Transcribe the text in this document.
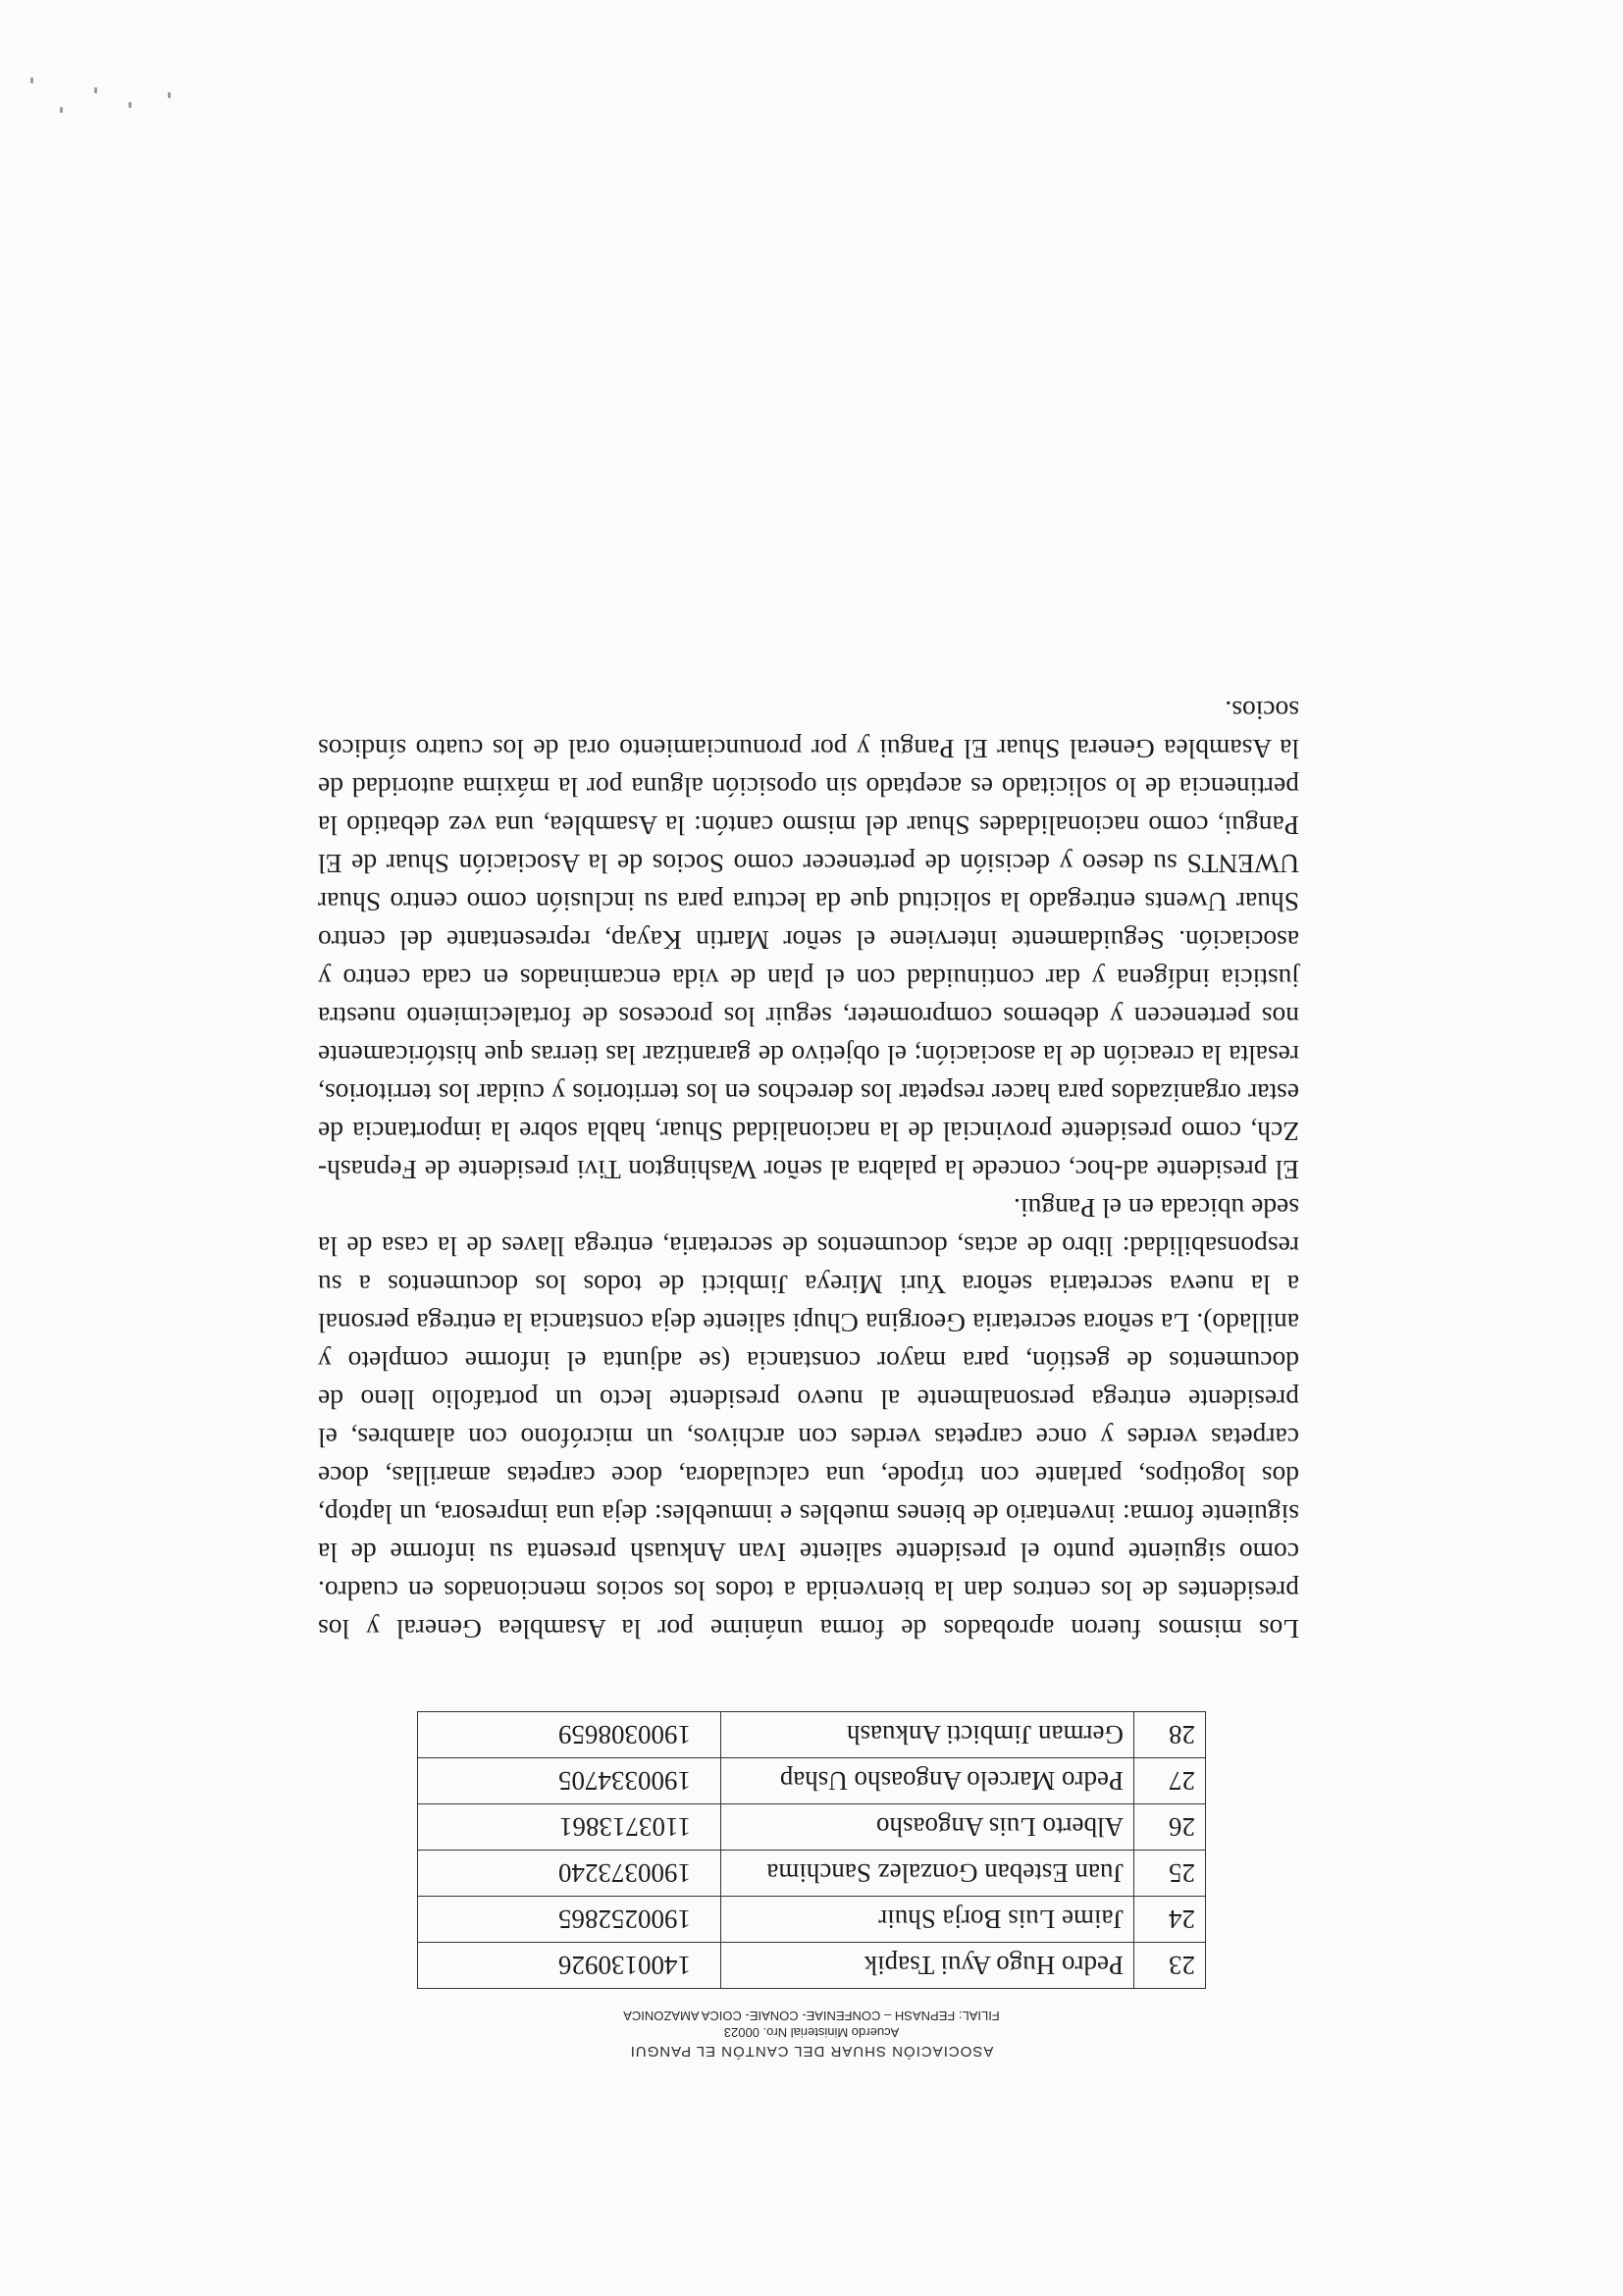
ASOCIACIÓN SHUAR DEL CANTÓN EL PANGUI
Acuerdo Ministerial Nro. 00023
FILIAL: FEPNASH – CONFENIAE- CONAIE- COICA AMAZONICA
23	Pedro Hugo Ayui Tsapik	1400130926
24	Jaime Luis Borja Shuir	1900252865
25	Juan Esteban Gonzalez Sanchima	1900373240
26	Alberto Luis Angoasho	1103713861
27	Pedro Marcelo Angoasho Ushap	1900334705
28	German Jimbicti Ankuash	1900308659

Los mismos fueron aprobados de forma unánime por la Asamblea General y los presidentes de los centros dan la bienvenida a todos los socios mencionados en cuadro. como siguiente punto el presidente saliente Ivan Ankuash presenta su informe de la siguiente forma: inventario de bienes muebles e inmuebles: deja una impresora, un laptop, dos logotipos, parlante con trípode, una calculadora, doce carpetas amarillas, doce carpetas verdes y once carpetas verdes con archivos, un micrófono con alambres, el presidente entrega personalmente al nuevo presidente lecto un portafolio lleno de documentos de gestión, para mayor constancia (se adjunta el informe completo y anillado). La señora secretaria Georgina Chupi saliente deja constancia la entrega personal a la nueva secretaria señora Yuri Mireya Jimbicti de todos los documentos a su responsabilidad: libro de actas, documentos de secretaria, entrega llaves de la casa de la sede ubicada en el Pangui.

El presidente ad-hoc, concede la palabra al señor Washington Tivi presidente de Fepnash-Zch, como presidente provincial de la nacionalidad Shuar, habla sobre la importancia de estar organizados para hacer respetar los derechos en los territorios y cuidar los territorios, resalta la creación de la asociación; el objetivo de garantizar las tierras que históricamente nos pertenecen y debemos comprometer, seguir los procesos de fortalecimiento nuestra justicia indígena y dar continuidad con el plan de vida encaminados en cada centro y asociación. Seguidamente interviene el señor Martin Kayap, representante del centro Shuar Uwents entregado la solicitud que da lectura para su inclusión como centro Shuar UWENTS su deseo y decisión de pertenecer como Socios de la Asociación Shuar de El Pangui, como nacionalidades Shuar del mismo cantón: la Asamblea, una vez debatido la pertinencia de lo solicitado es aceptado sin oposición alguna por la máxima autoridad de la Asamblea General Shuar El Pangui y por pronunciamiento oral de los cuatro síndicos socios.
